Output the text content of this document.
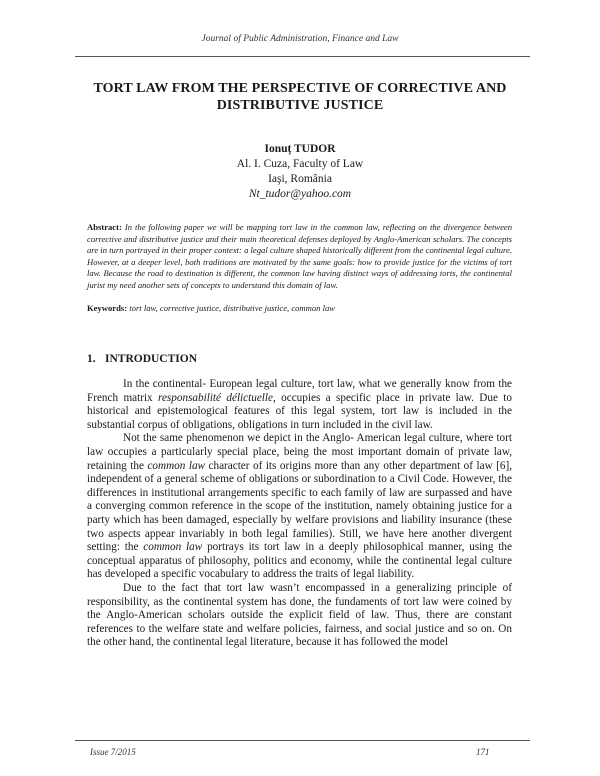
Journal of Public Administration, Finance and Law
TORT LAW FROM THE PERSPECTIVE OF CORRECTIVE AND
DISTRIBUTIVE JUSTICE
Ionuț TUDOR
Al. I. Cuza, Faculty of Law
Iaşi, România
Nt_tudor@yahoo.com
Abstract: In the following paper we will be mapping tort law in the common law, reflecting on the divergence between corrective and distributive justice and their main theoretical defenses deployed by Anglo-American scholars. The concepts are in turn portrayed in their proper context: a legal culture shaped historically different from the continental legal culture. However, at a deeper level, both traditions are motivated by the same goals: how to provide justice for the victims of tort law. Because the road to destination is different, the common law having distinct ways of addressing torts, the continental jurist my need another sets of concepts to understand this domain of law.
Keywords: tort law, corrective justice, distributive justice, common law
1. INTRODUCTION

In the continental- European legal culture, tort law, what we generally know from the French matrix responsabilité délictuelle, occupies a specific place in private law. Due to historical and epistemological features of this legal system, tort law is included in the substantial corpus of obligations, obligations in turn included in the civil law.

Not the same phenomenon we depict in the Anglo- American legal culture, where tort law occupies a particularly special place, being the most important domain of private law, retaining the common law character of its origins more than any other department of law [6], independent of a general scheme of obligations or subordination to a Civil Code. However, the differences in institutional arrangements specific to each family of law are surpassed and have a converging common reference in the scope of the institution, namely obtaining justice for a party which has been damaged, especially by welfare provisions and liability insurance (these two aspects appear invariably in both legal families). Still, we have here another divergent setting: the common law portrays its tort law in a deeply philosophical manner, using the conceptual apparatus of philosophy, politics and economy, while the continental legal culture has developed a specific vocabulary to address the traits of legal liability.

Due to the fact that tort law wasn’t encompassed in a generalizing principle of responsibility, as the continental system has done, the fundaments of tort law were coined by the Anglo-American scholars outside the explicit field of law. Thus, there are constant references to the welfare state and welfare policies, fairness, and social justice and so on. On the other hand, the continental legal literature, because it has followed the model

Issue 7/2015	171
